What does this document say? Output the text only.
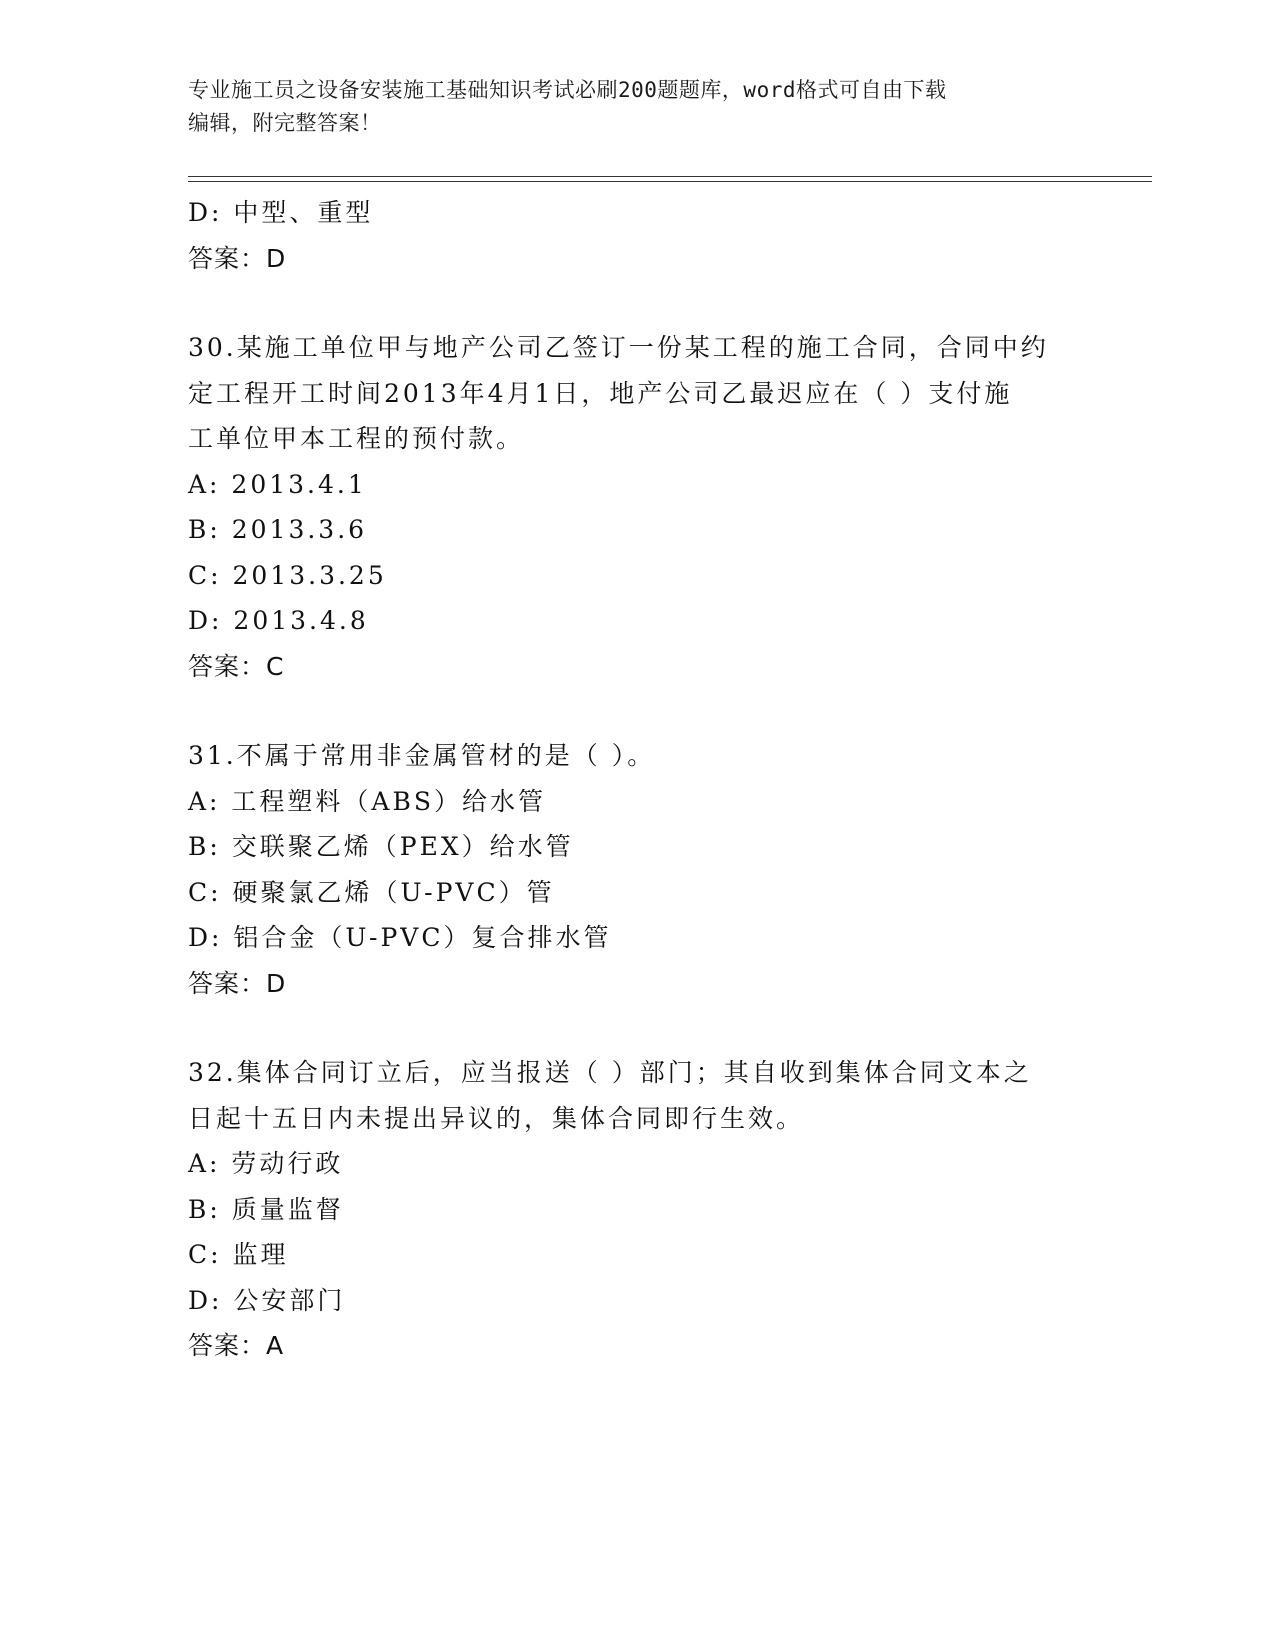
专业施工员之设备安装施工基础知识考试必刷200题题库，word格式可自由下载
编辑，附完整答案！
D: 中型、重型
答案：D
30.某施工单位甲与地产公司乙签订一份某工程的施工合同，合同中约
定工程开工时间2013年4月1日，地产公司乙最迟应在（ ）支付施
工单位甲本工程的预付款。
A: 2013.4.1
B: 2013.3.6
C: 2013.3.25
D: 2013.4.8
答案：C
31.不属于常用非金属管材的是（ ）。
A: 工程塑料（ABS）给水管
B: 交联聚乙烯（PEX）给水管
C: 硬聚氯乙烯（U-PVC）管
D: 铝合金（U-PVC）复合排水管
答案：D
32.集体合同订立后，应当报送（ ）部门；其自收到集体合同文本之
日起十五日内未提出异议的，集体合同即行生效。
A: 劳动行政
B: 质量监督
C: 监理
D: 公安部门
答案：A
